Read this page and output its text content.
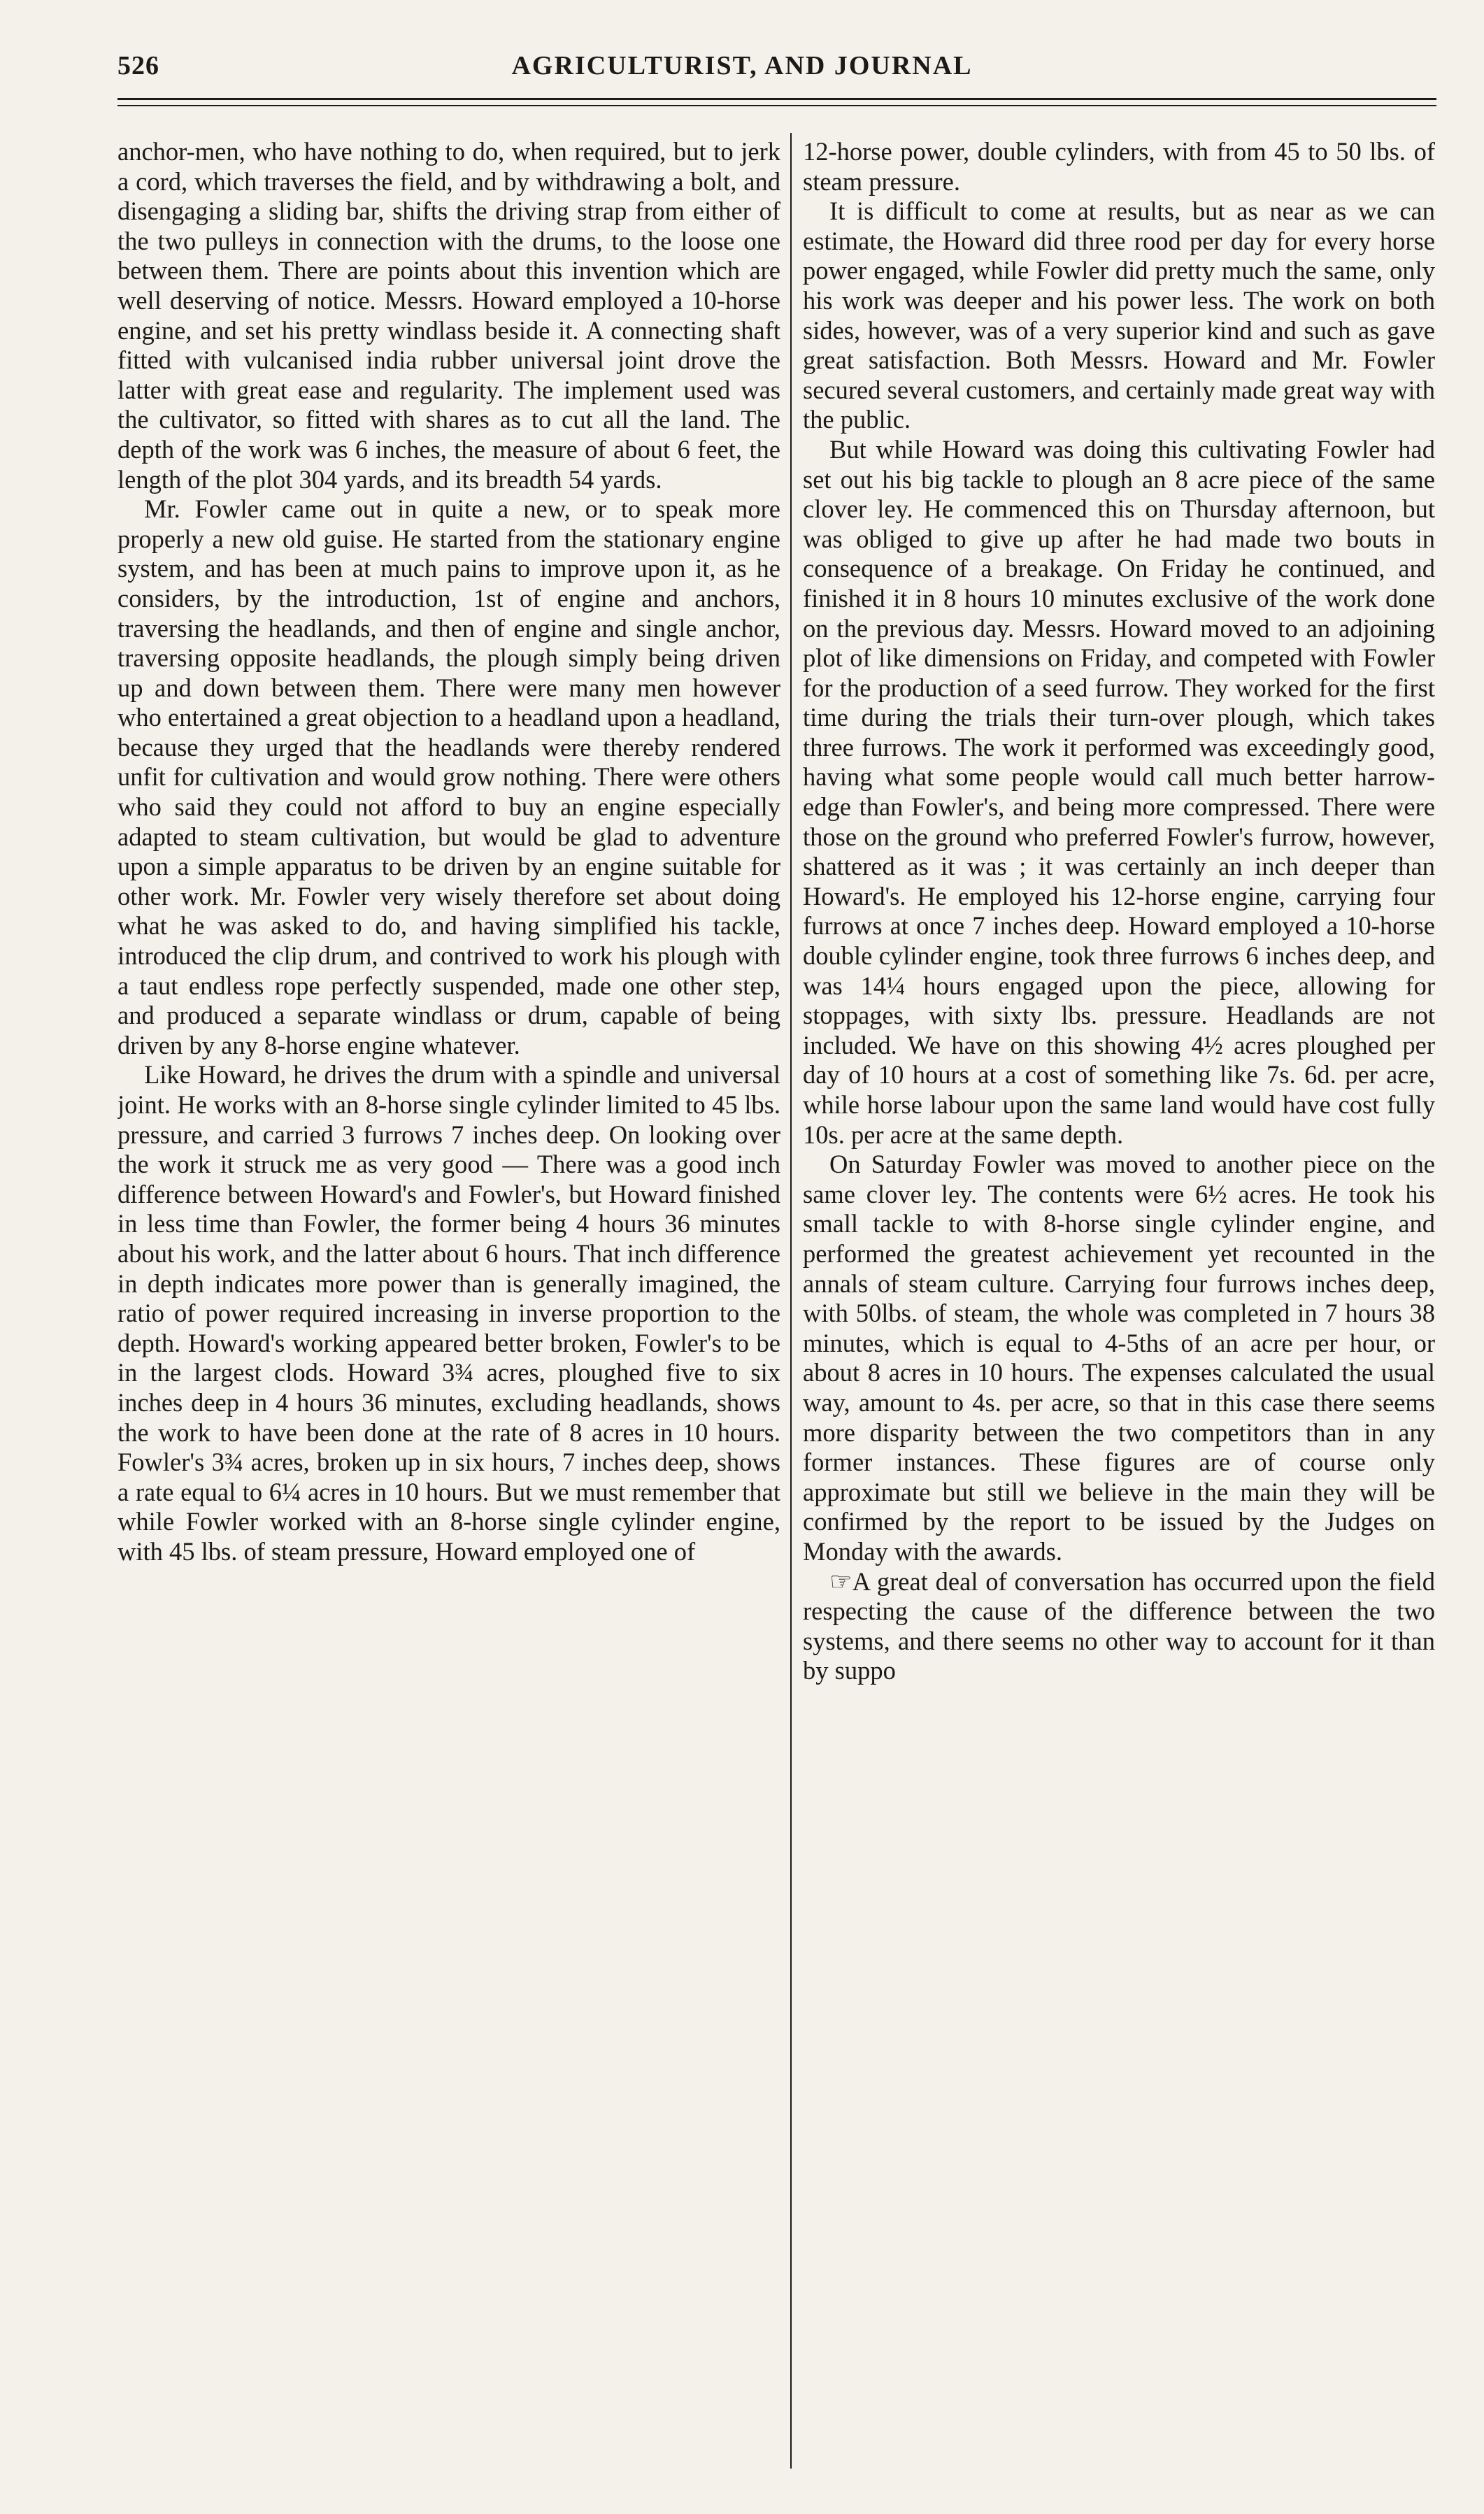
526	AGRICULTURIST, AND JOURNAL

anchor-men, who have nothing to do, when required, but to jerk a cord, which traverses the field, and by withdrawing a bolt, and disengaging a sliding bar, shifts the driving strap from either of the two pulleys in connection with the drums, to the loose one between them. There are points about this invention which are well deserving of notice. Messrs. Howard employed a 10-horse engine, and set his pretty windlass beside it. A connecting shaft fitted with vulcanised india rubber universal joint drove the latter with great ease and regularity. The implement used was the cultivator, so fitted with shares as to cut all the land. The depth of the work was 6 inches, the measure of about 6 feet, the length of the plot 304 yards, and its breadth 54 yards.

Mr. Fowler came out in quite a new, or to speak more properly a new old guise. He started from the stationary engine system, and has been at much pains to improve upon it, as he considers, by the introduction, 1st of engine and anchors, traversing the headlands, and then of engine and single anchor, traversing opposite headlands, the plough simply being driven up and down between them. There were many men however who entertained a great objection to a headland upon a headland, because they urged that the headlands were thereby rendered unfit for cultivation and would grow nothing. There were others who said they could not afford to buy an engine especially adapted to steam cultivation, but would be glad to adventure upon a simple apparatus to be driven by an engine suitable for other work. Mr. Fowler very wisely therefore set about doing what he was asked to do, and having simplified his tackle, introduced the clip drum, and contrived to work his plough with a taut endless rope perfectly suspended, made one other step, and produced a separate windlass or drum, capable of being driven by any 8-horse engine whatever.

Like Howard, he drives the drum with a spindle and universal joint. He works with an 8-horse single cylinder limited to 45 lbs. pressure, and carried 3 furrows 7 inches deep. On looking over the work it struck me as very good — There was a good inch difference between Howard's and Fowler's, but Howard finished in less time than Fowler, the former being 4 hours 36 minutes about his work, and the latter about 6 hours. That inch difference in depth indicates more power than is generally imagined, the ratio of power required increasing in inverse proportion to the depth. Howard's working appeared better broken, Fowler's to be in the largest clods. Howard 3¾ acres, ploughed five to six inches deep in 4 hours 36 minutes, excluding headlands, shows the work to have been done at the rate of 8 acres in 10 hours. Fowler's 3¾ acres, broken up in six hours, 7 inches deep, shows a rate equal to 6¼ acres in 10 hours. But we must remember that while Fowler worked with an 8-horse single cylinder engine, with 45 lbs. of steam pressure, Howard employed one of

12-horse power, double cylinders, with from 45 to 50 lbs. of steam pressure.

It is difficult to come at results, but as near as we can estimate, the Howard did three rood per day for every horse power engaged, while Fowler did pretty much the same, only his work was deeper and his power less. The work on both sides, however, was of a very superior kind and such as gave great satisfaction. Both Messrs. Howard and Mr. Fowler secured several customers, and certainly made great way with the public.

But while Howard was doing this cultivating Fowler had set out his big tackle to plough an 8 acre piece of the same clover ley. He commenced this on Thursday afternoon, but was obliged to give up after he had made two bouts in consequence of a breakage. On Friday he continued, and finished it in 8 hours 10 minutes exclusive of the work done on the previous day. Messrs. Howard moved to an adjoining plot of like dimensions on Friday, and competed with Fowler for the production of a seed furrow. They worked for the first time during the trials their turn-over plough, which takes three furrows. The work it performed was exceedingly good, having what some people would call much better harrow-edge than Fowler's, and being more compressed. There were those on the ground who preferred Fowler's furrow, however, shattered as it was ; it was certainly an inch deeper than Howard's. He employed his 12-horse engine, carrying four furrows at once 7 inches deep. Howard employed a 10-horse double cylinder engine, took three furrows 6 inches deep, and was 14¼ hours engaged upon the piece, allowing for stoppages, with sixty lbs. pressure. Headlands are not included. We have on this showing 4½ acres ploughed per day of 10 hours at a cost of something like 7s. 6d. per acre, while horse labour upon the same land would have cost fully 10s. per acre at the same depth.

On Saturday Fowler was moved to another piece on the same clover ley. The contents were 6½ acres. He took his small tackle to with 8-horse single cylinder engine, and performed the greatest achievement yet recounted in the annals of steam culture. Carrying four furrows inches deep, with 50lbs. of steam, the whole was completed in 7 hours 38 minutes, which is equal to 4-5ths of an acre per hour, or about 8 acres in 10 hours. The expenses calculated the usual way, amount to 4s. per acre, so that in this case there seems more disparity between the two competitors than in any former instances. These figures are of course only approximate but still we believe in the main they will be confirmed by the report to be issued by the Judges on Monday with the awards.

☞A great deal of conversation has occurred upon the field respecting the cause of the difference between the two systems, and there seems no other way to account for it than by suppo
